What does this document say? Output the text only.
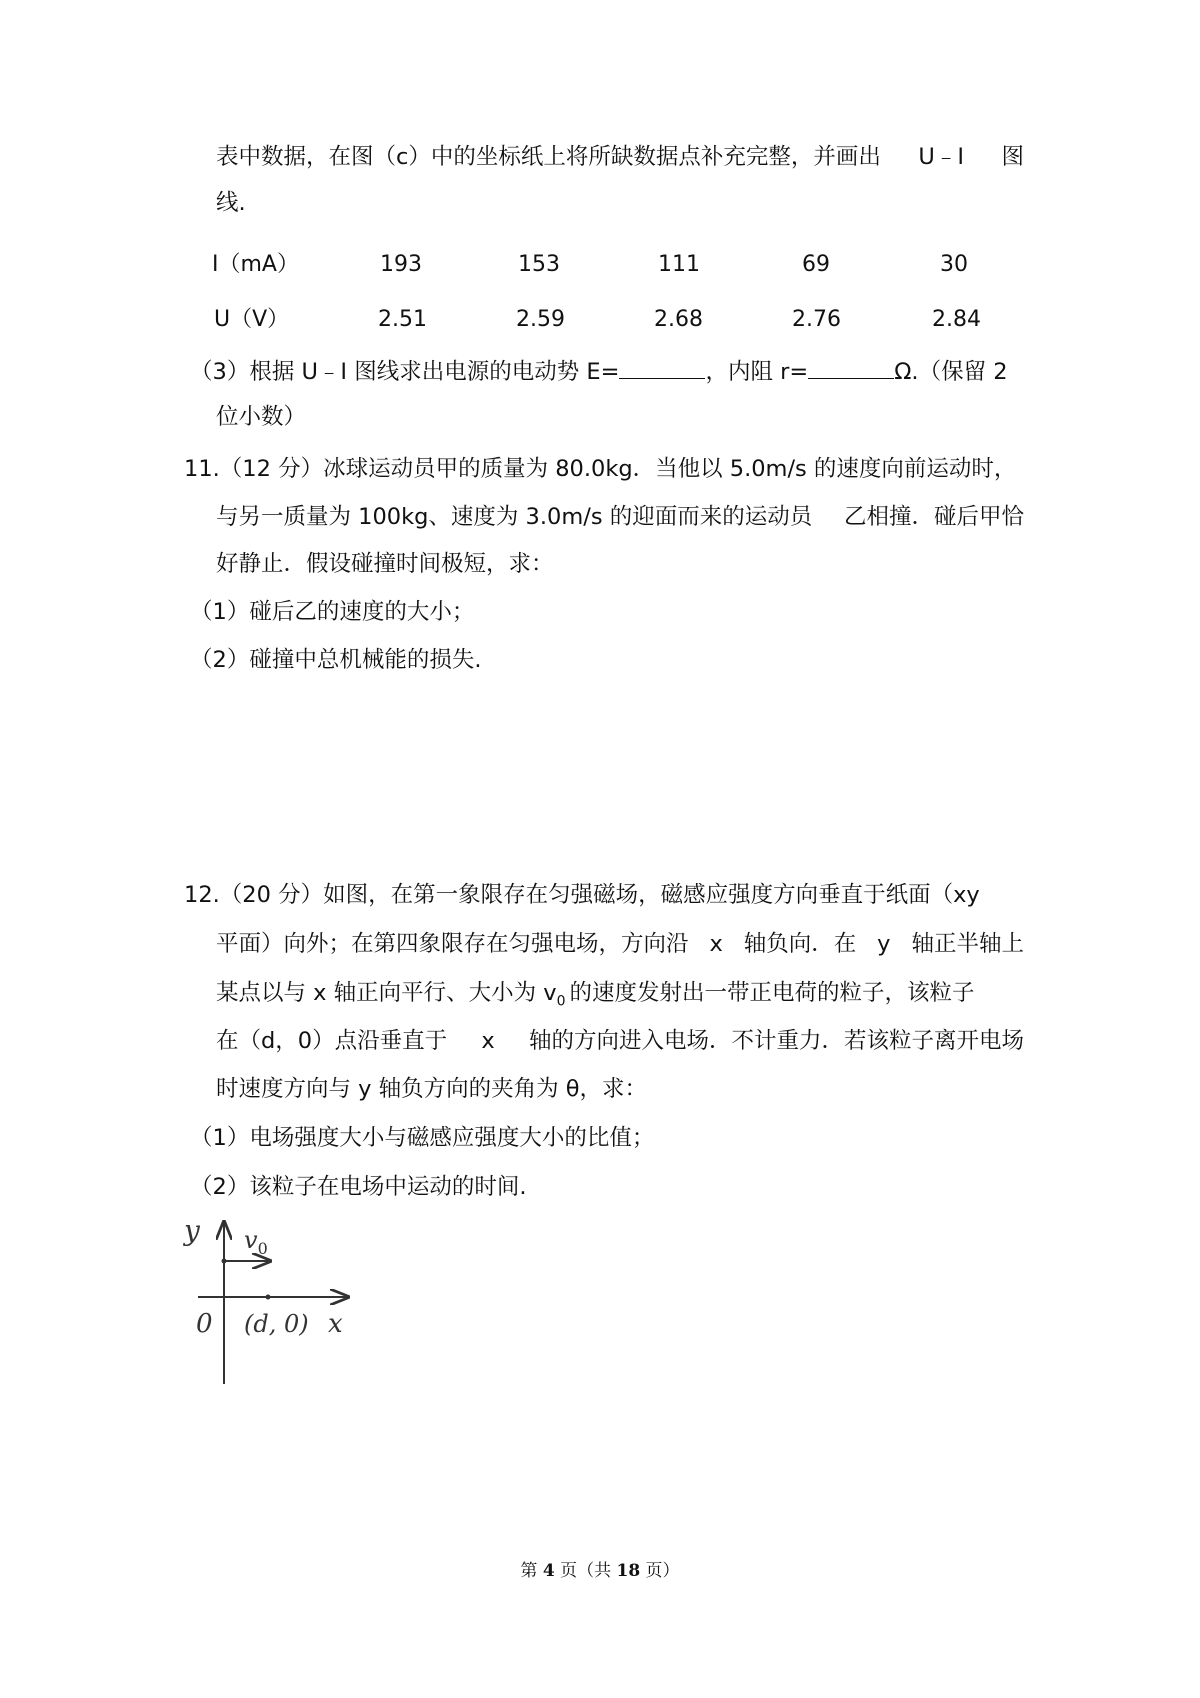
表中数据，在图（c）中的坐标纸上将所缺数据点补充完整，并画出 U﹣I 图
线.
I（mA）	193	153	111	69	30
U（V）	2.51	2.59	2.68	2.76	2.84
（3）根据 U﹣I 图线求出电源的电动势 E=	，内阻 r=	Ω.（保留 2
位小数）
11.（12 分）冰球运动员甲的质量为 80.0kg．当他以 5.0m/s 的速度向前运动时，
与另一质量为 100kg、速度为 3.0m/s 的迎面而来的运动员 乙相撞．碰后甲恰
好静止．假设碰撞时间极短，求：
（1）碰后乙的速度的大小；
（2）碰撞中总机械能的损失.
12.（20 分）如图，在第一象限存在匀强磁场，磁感应强度方向垂直于纸面（xy
平面）向外；在第四象限存在匀强电场，方向沿 x 轴负向．在 y 轴正半轴上
某点以与 x 轴正向平行、大小为 $v_0$ 的速度发射出一带正电荷的粒子，该粒子
在（d，0）点沿垂直于 x 轴的方向进入电场．不计重力．若该粒子离开电场
时速度方向与 y 轴负方向的夹角为 θ，求：
（1）电场强度大小与磁感应强度大小的比值；
（2）该粒子在电场中运动的时间.
y $v_0$
0 (d, 0) x
第 4 页（共 18 页）
